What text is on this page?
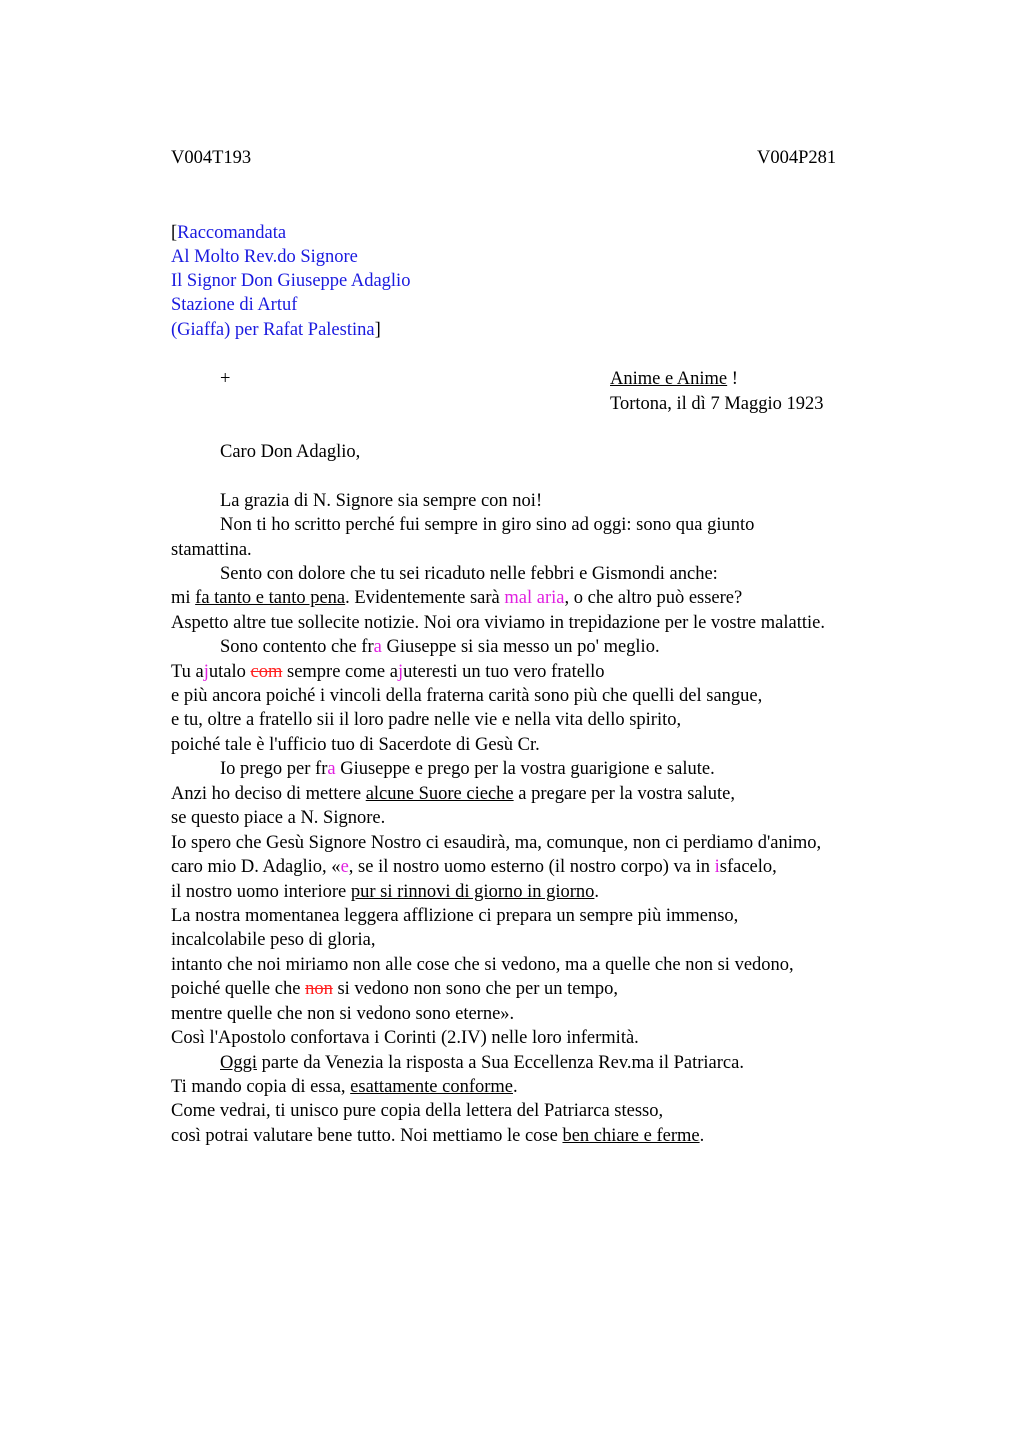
V004T193	V004P281

[Raccomandata

Al Molto Rev.do Signore

Il Signor Don Giuseppe Adaglio

Stazione di Artuf

(Giaffa) per Rafat Palestina]

+	Anime e Anime !

Tortona, il dì 7 Maggio 1923

Caro Don Adaglio,

La grazia di N. Signore sia sempre con noi!

Non ti ho scritto perché fui sempre in giro sino ad oggi: sono qua giunto

stamattina.

Sento con dolore che tu sei ricaduto nelle febbri e Gismondi anche:

mi fa tanto e tanto pena. Evidentemente sarà mal aria, o che altro può essere?

Aspetto altre tue sollecite notizie. Noi ora viviamo in trepidazione per le vostre malattie.

Sono contento che fra Giuseppe si sia messo un po' meglio.

Tu ajutalo com sempre come ajuteresti un tuo vero fratello

e più ancora poiché i vincoli della fraterna carità sono più che quelli del sangue,

e tu, oltre a fratello sii il loro padre nelle vie e nella vita dello spirito,

poiché tale è l'ufficio tuo di Sacerdote di Gesù Cr.

Io prego per fra Giuseppe e prego per la vostra guarigione e salute.

Anzi ho deciso di mettere alcune Suore cieche a pregare per la vostra salute,

se questo piace a N. Signore.

Io spero che Gesù Signore Nostro ci esaudirà, ma, comunque, non ci perdiamo d'animo,

caro mio D. Adaglio, «e, se il nostro uomo esterno (il nostro corpo) va in isfacelo,

il nostro uomo interiore pur si rinnovi di giorno in giorno.

La nostra momentanea leggera afflizione ci prepara un sempre più immenso,

incalcolabile peso di gloria,

intanto che noi miriamo non alle cose che si vedono, ma a quelle che non si vedono,

poiché quelle che non si vedono non sono che per un tempo,

mentre quelle che non si vedono sono eterne».

Così l'Apostolo confortava i Corinti (2.IV) nelle loro infermità.

Oggi parte da Venezia la risposta a Sua Eccellenza Rev.ma il Patriarca.

Ti mando copia di essa, esattamente conforme.

Come vedrai, ti unisco pure copia della lettera del Patriarca stesso,

così potrai valutare bene tutto. Noi mettiamo le cose ben chiare e ferme.
